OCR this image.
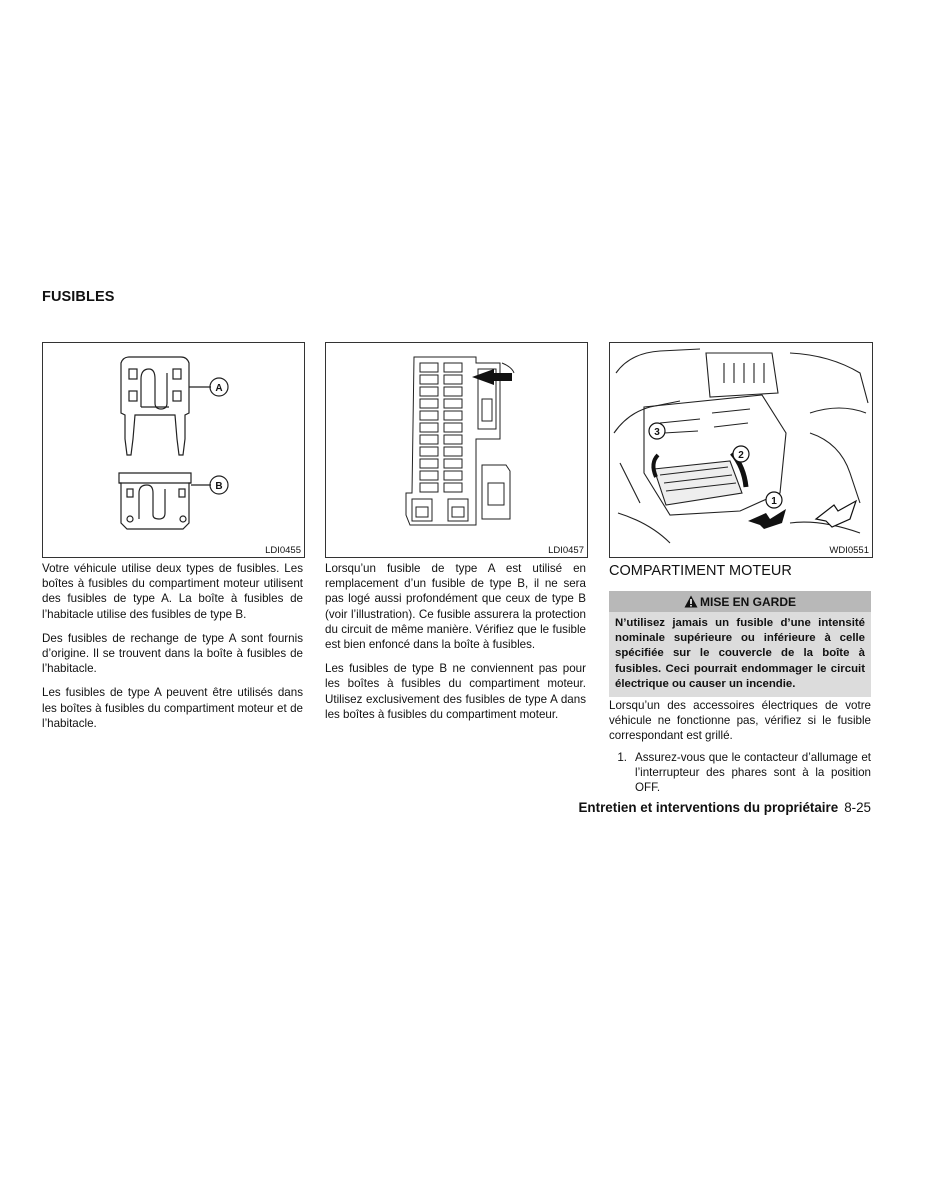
FUSIBLES
A
B
LDI0455	LDI0457
1
2
3
WDI0551

Votre véhicule utilise deux types de fusibles. Les boîtes à fusibles du compartiment moteur utilisent des fusibles de type A. La boîte à fusibles de l’habitacle utilise des fusibles de type B.

Des fusibles de rechange de type A sont fournis d’origine. Il se trouvent dans la boîte à fusibles de l’habitacle.

Les fusibles de type A peuvent être utilisés dans les boîtes à fusibles du compartiment moteur et de l’habitacle.

Lorsqu’un fusible de type A est utilisé en remplacement d’un fusible de type B, il ne sera pas logé aussi profondément que ceux de type B (voir l’illustration). Ce fusible assurera la protection du circuit de même manière. Vérifiez que le fusible est bien enfoncé dans la boîte à fusibles.

Les fusibles de type B ne conviennent pas pour les boîtes à fusibles du compartiment moteur. Utilisez exclusivement des fusibles de type A dans les boîtes à fusibles du compartiment moteur.

COMPARTIMENT MOTEUR
MISE EN GARDE
N’utilisez jamais un fusible d’une intensité nominale supérieure ou inférieure à celle spécifiée sur le couvercle de la boîte à fusibles. Ceci pourrait endommager le circuit électrique ou causer un incendie.

Lorsqu’un des accessoires électriques de votre véhicule ne fonctionne pas, vérifiez si le fusible correspondant est grillé.

1. Assurez-vous que le contacteur d’allumage et l’interrupteur des phares sont à la position OFF.
Entretien et interventions du propriétaire 8-25
